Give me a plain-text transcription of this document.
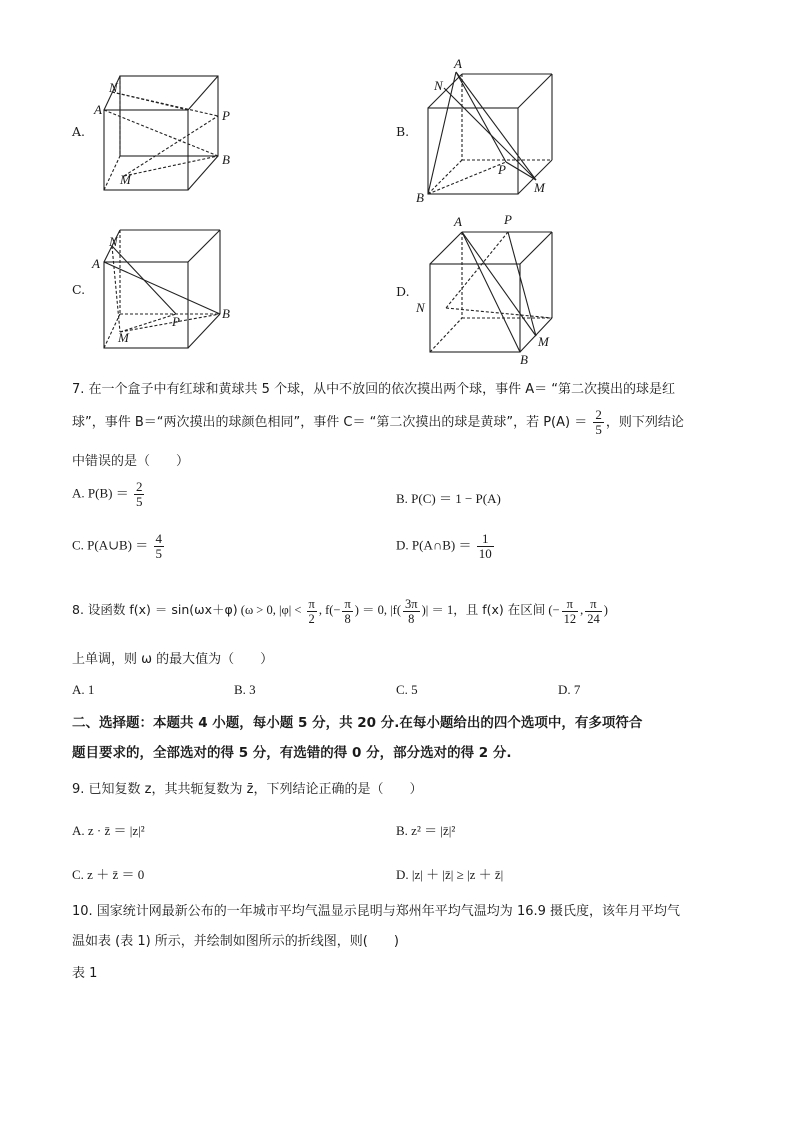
A.
N
A	P
B
M
B.
A
N
P
M
B
C.
N
A
P
B
M
D.
A	P
N
M
B
7. 在一个盒子中有红球和黄球共 5 个球，从中不放回的依次摸出两个球，事件 A＝ “第二次摸出的球是红
球”，事件 B＝“两次摸出的球颜色相同”，事件 C＝ “第二次摸出的球是黄球”，若 $P(A) = \frac{2}{5}$ ，则下列结论
中错误的是（　　）
A. $P(B) = \frac{2}{5}$	B. P(C) ＝ 1 − P(A)
C. P(A∪B) ＝ $\frac{4}{5}$	D. P(A∩B) ＝ $\frac{1}{10}$
8. 设函数 f(x) ＝ sin(ωx＋φ) (ω > 0, $|\varphi| < \frac{\pi}{2}$ , $f(- \frac{\pi}{8}$ ) ＝ 0, $|f( \frac{3\pi}{8}$ )| ＝ 1，且 f(x) 在区间 (− $\frac{\pi}{12}$ , $\frac{\pi}{24}$ )
上单调，则 ω 的最大值为（　　）
A. 1	B. 3	C. 5	D. 7
二、选择题：本题共 4 小题，每小题 5 分，共 20 分.在每小题给出的四个选项中，有多项符合
题目要求的，全部选对的得 5 分，有选错的得 0 分，部分选对的得 2 分.
9. 已知复数 z，其共轭复数为 z̄，下列结论正确的是（　　）
A. z · z̄ ＝ |z|²	B. z² ＝ |z̄|²
C. z ＋ z̄ ＝ 0	D. |z| ＋ |z̄| ≥ |z ＋ z̄|
10. 国家统计网最新公布的一年城市平均气温显示昆明与郑州年平均气温均为 16.9 摄氏度，该年月平均气
温如表 (表 1) 所示，并绘制如图所示的折线图，则(　　)
表 1
